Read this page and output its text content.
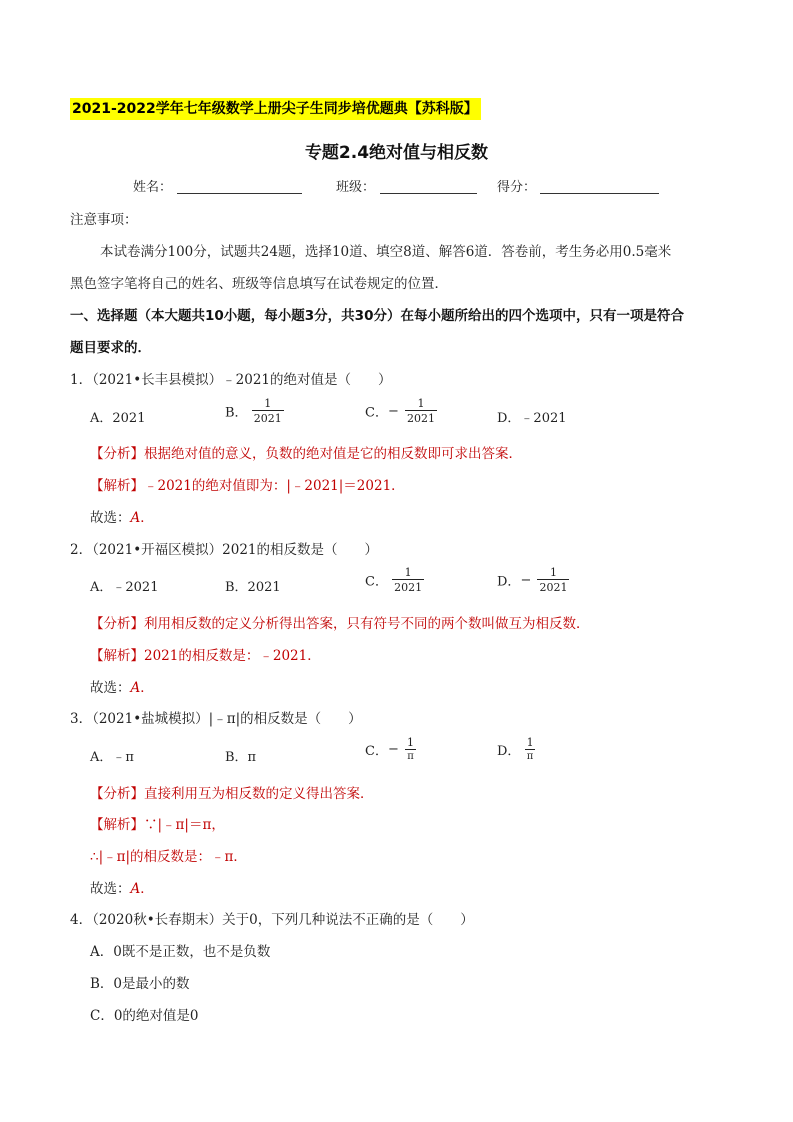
2021-2022学年七年级数学上册尖子生同步培优题典【苏科版】
专题2.4绝对值与相反数
姓名：	班级：	得分：
注意事项：
本试卷满分100分，试题共24题，选择10道、填空8道、解答6道．答卷前，考生务必用0.5毫米
黑色签字笔将自己的姓名、班级等信息填写在试卷规定的位置．
一、选择题（本大题共10小题，每小题3分，共30分）在每小题所给出的四个选项中，只有一项是符合
题目要求的．
1．（2021•长丰县模拟）﹣2021的绝对值是（　　）
A．2021	B． $\frac{1}{2021}$	C．− $\frac{1}{2021}$	D．﹣2021
【分析】根据绝对值的意义，负数的绝对值是它的相反数即可求出答案．
【解析】﹣2021的绝对值即为：|﹣2021|＝2021．
故选：A．
2．（2021•开福区模拟）2021的相反数是（　　）
A．﹣2021	B．2021	C． $\frac{1}{2021}$	D．− $\frac{1}{2021}$
【分析】利用相反数的定义分析得出答案，只有符号不同的两个数叫做互为相反数．
【解析】2021的相反数是：﹣2021．
故选：A．
3．（2021•盐城模拟）|﹣π|的相反数是（　　）
A．﹣π	B．π	C．− $\frac{1}{\pi}$	D． $\frac{1}{\pi}$
【分析】直接利用互为相反数的定义得出答案．
【解析】∵|﹣π|＝π，
∴|﹣π|的相反数是：﹣π．
故选：A．
4．（2020秋•长春期末）关于0，下列几种说法不正确的是（　　）
A．0既不是正数，也不是负数
B．0是最小的数
C．0的绝对值是0
